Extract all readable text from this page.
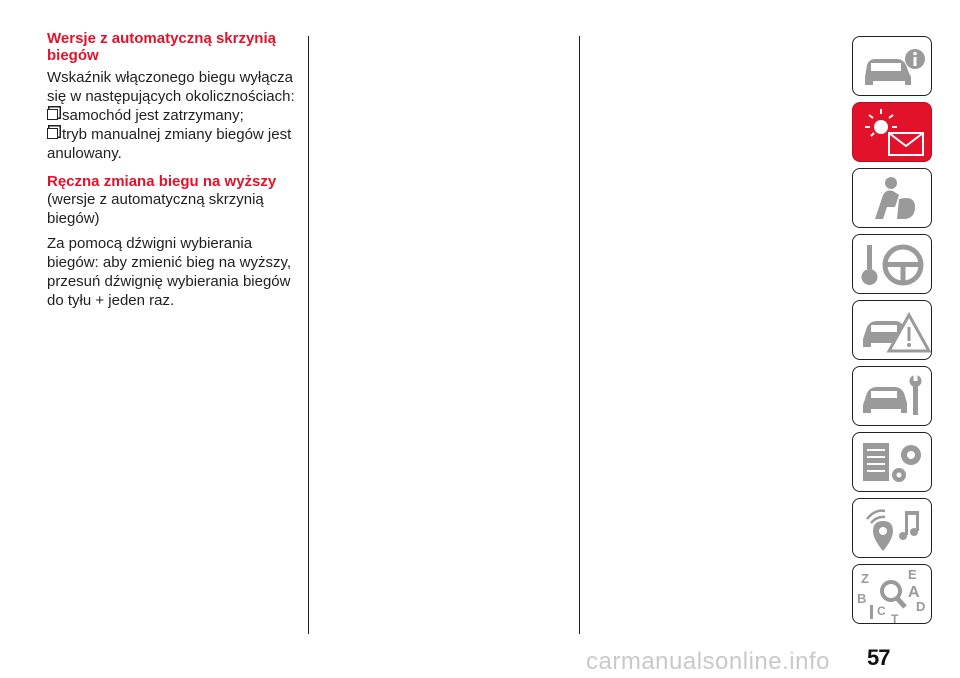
Wersje z automatyczną skrzynią biegów

Wskaźnik włączonego biegu wyłącza się w następujących okolicznościach:

samochód jest zatrzymany;

tryb manualnej zmiany biegów jest anulowany.

Ręczna zmiana biegu na wyższy

(wersje z automatyczną skrzynią biegów)

Za pomocą dźwigni wybierania biegów: aby zmienić bieg na wyższy, przesuń dźwignię wybierania biegów do tyłu + jeden raz.

Z	E
A
B
C D
T
57
carmanualsonline.info
